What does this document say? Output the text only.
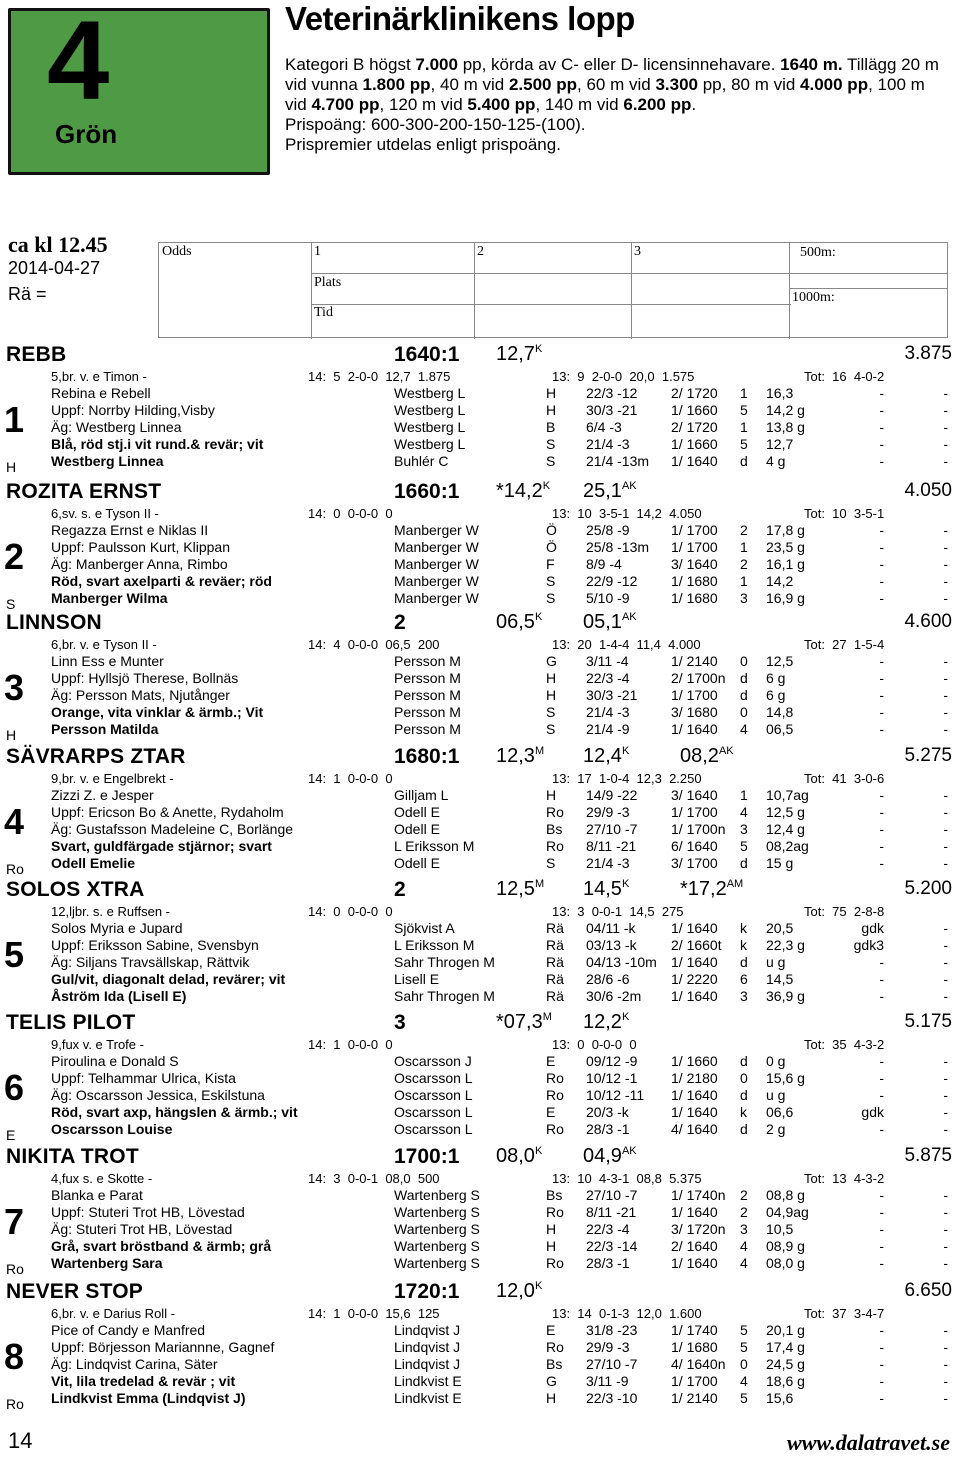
4
Grön
Veterinärklinikens lopp

Kategori B högst 7.000 pp, körda av C- eller D- licensinnehavare. 1640 m. Tillägg 20 m vid vunna 1.800 pp, 40 m vid 2.500 pp, 60 m vid 3.300 pp, 80 m vid 4.000 pp, 100 m vid 4.700 pp, 120 m vid 5.400 pp, 140 m vid 6.200 pp.

Prispoäng: 600-300-200-150-125-(100).

Prispremier utdelas enligt prispoäng.

ca kl 12.45
2014-04-27
Rä =
Odds	1	2	3
Plats
Tid
500m:
1000m:
REBB	1640:1 $12,7^K$	3.875
5,br. v. e Timon -	14:  5  2-0-0  12,7  1.875	13:  9  2-0-0  20,0  1.575	Tot:  16  4-0-2
1
H
Rebina e Rebell
Uppf: Norrby Hilding,Visby
Äg: Westberg Linnea
Blå, röd stj.i vit rund.& revär; vit
Westberg Linnea
Westberg L	H 22/3 -12 2/ 1720 1 16,3	-	-
Westberg L	H 30/3 -21 1/ 1660 5 14,2 g	-	-
Westberg L	B 6/4 -3	2/ 1720 1 13,8 g	-	-
Westberg L	S 21/4 -3	1/ 1660 5 12,7	-	-
Buhlér C	S 21/4 -13m 1/ 1640 d 4 g	-	-
ROZITA ERNST	1660:1 $*14,2^K$ $25,1^{AK}$	4.050
6,sv. s. e Tyson II -	14:  0  0-0-0  0	13:  10  3-5-1  14,2  4.050	Tot:  10  3-5-1
2
S
Regazza Ernst e Niklas II
Uppf: Paulsson Kurt, Klippan
Äg: Manberger Anna, Rimbo
Röd, svart axelparti & reväer; röd
Manberger Wilma
Manberger W	Ö 25/8 -9	1/ 1700 2 17,8 g	-	-
Manberger W	Ö 25/8 -13m 1/ 1700 1 23,5 g	-	-
Manberger W	F 8/9 -4	3/ 1640 2 16,1 g	-	-
Manberger W	S 22/9 -12 1/ 1680 1 14,2	-	-
Manberger W	S 5/10 -9	1/ 1680 3 16,9 g	-	-
LINNSON	2	$06,5^K$ $05,1^{AK}$	4.600
6,br. v. e Tyson II -	14:  4  0-0-0  06,5  200	13:  20  1-4-4  11,4  4.000	Tot:  27  1-5-4
3
H
Linn Ess e Munter
Uppf: Hyllsjö Therese, Bollnäs
Äg: Persson Mats, Njutånger
Orange, vita vinklar & ärmb.; Vit
Persson Matilda
Persson M	G 3/11 -4	1/ 2140 0 12,5	-	-
Persson M	H 22/3 -4	2/ 1700n d 6 g	-	-
Persson M	H 30/3 -21 1/ 1700 d 6 g	-	-
Persson M	S 21/4 -3	3/ 1680 0 14,8	-	-
Persson M	S 21/4 -9	1/ 1640 4 06,5	-	-
SÄVRARPS ZTAR	1680:1 $12,3^M$ $12,4^K$	$08,2^{AK}$	5.275
9,br. v. e Engelbrekt -	14:  1  0-0-0  0	13:  17  1-0-4  12,3  2.250	Tot:  41  3-0-6
4
Ro
Zizzi Z. e Jesper
Uppf: Ericson Bo & Anette, Rydaholm
Äg: Gustafsson Madeleine C, Borlänge
Svart, guldfärgade stjärnor; svart
Odell Emelie
Gilljam L	H 14/9 -22 3/ 1640 1 10,7ag	-	-
Odell E	Ro 29/9 -3	1/ 1700 4 12,5 g	-	-
Odell E	Bs 27/10 -7 1/ 1700n 3 12,4 g	-	-
L Eriksson M	Ro 8/11 -21 6/ 1640 5 08,2ag	-	-
Odell E	S 21/4 -3	3/ 1700 d 15 g	-	-
SOLOS XTRA	2	$12,5^M$ $14,5^K$	$*17,2^{AM}$	5.200
12,ljbr. s. e Ruffsen -	14:  0  0-0-0  0	13:  3  0-0-1  14,5  275	Tot:  75  2-8-8
5
Solos Myria e Jupard
Uppf: Eriksson Sabine, Svensbyn
Äg: Siljans Travsällskap, Rättvik
Gul/vit, diagonalt delad, revärer; vit
Åström Ida (Lisell E)
Sjökvist A	Rä 04/11 -k	1/ 1640 k 20,5	gdk	-
L Eriksson M	Rä 03/13 -k 2/ 1660t k 22,3 g	gdk3	-
Sahr Throgen M	Rä 04/13 -10m 1/ 1640 d u g	-	-
Lisell E	Rä 28/6 -6	1/ 2220 6 14,5	-	-
Sahr Throgen M	Rä 30/6 -2m 1/ 1640 3 36,9 g	-	-
TELIS PILOT	3	$*07,3^M$ $12,2^K$	5.175
9,fux v. e Trofe -	14:  1  0-0-0  0	13:  0  0-0-0  0	Tot:  35  4-3-2
6
E
Piroulina e Donald S
Uppf: Telhammar Ulrica, Kista
Äg: Oscarsson Jessica, Eskilstuna
Röd, svart axp, hängslen & ärmb.; vit
Oscarsson Louise
Oscarsson J	E 09/12 -9 1/ 1660 d 0 g	-	-
Oscarsson L	Ro 10/12 -1 1/ 2180 0 15,6 g	-	-
Oscarsson L	Ro 10/12 -11 1/ 1640 d u g	-	-
Oscarsson L	E 20/3 -k	1/ 1640 k 06,6	gdk	-
Oscarsson L	Ro 28/3 -1	4/ 1640 d 2 g	-	-
NIKITA TROT	1700:1 $08,0^K$ $04,9^{AK}$	5.875
4,fux s. e Skotte -	14:  3  0-0-1  08,0  500	13:  10  4-3-1  08,8  5.375	Tot:  13  4-3-2
7
Ro
Blanka e Parat
Uppf: Stuteri Trot HB, Lövestad
Äg: Stuteri Trot HB, Lövestad
Grå, svart bröstband & ärmb; grå
Wartenberg Sara
Wartenberg S	Bs 27/10 -7 1/ 1740n 2 08,8 g	-	-
Wartenberg S	Ro 8/11 -21 1/ 1640 2 04,9ag	-	-
Wartenberg S	H 22/3 -4	3/ 1720n 3 10,5	-	-
Wartenberg S	H 22/3 -14 2/ 1640 4 08,9 g	-	-
Wartenberg S	Ro 28/3 -1	1/ 1640 4 08,0 g	-	-
NEVER STOP	1720:1 $12,0^K$	6.650
6,br. v. e Darius Roll -	14:  1  0-0-0  15,6  125	13:  14  0-1-3  12,0  1.600	Tot:  37  3-4-7
8
Ro
Pice of Candy e Manfred
Uppf: Börjesson Mariannne, Gagnef
Äg: Lindqvist Carina, Säter
Vit, lila tredelad & revär ; vit
Lindkvist Emma (Lindqvist J)
Lindqvist J	E 31/8 -23 1/ 1740 5 20,1 g	-	-
Lindqvist J	Ro 29/9 -3	1/ 1680 5 17,4 g	-	-
Lindqvist J	Bs 27/10 -7 4/ 1640n 0 24,5 g	-	-
Lindkvist E	G 3/11 -9	1/ 1700 4 18,6 g	-	-
Lindkvist E	H 22/3 -10 1/ 2140 5 15,6	-	-
14	www.dalatravet.se
